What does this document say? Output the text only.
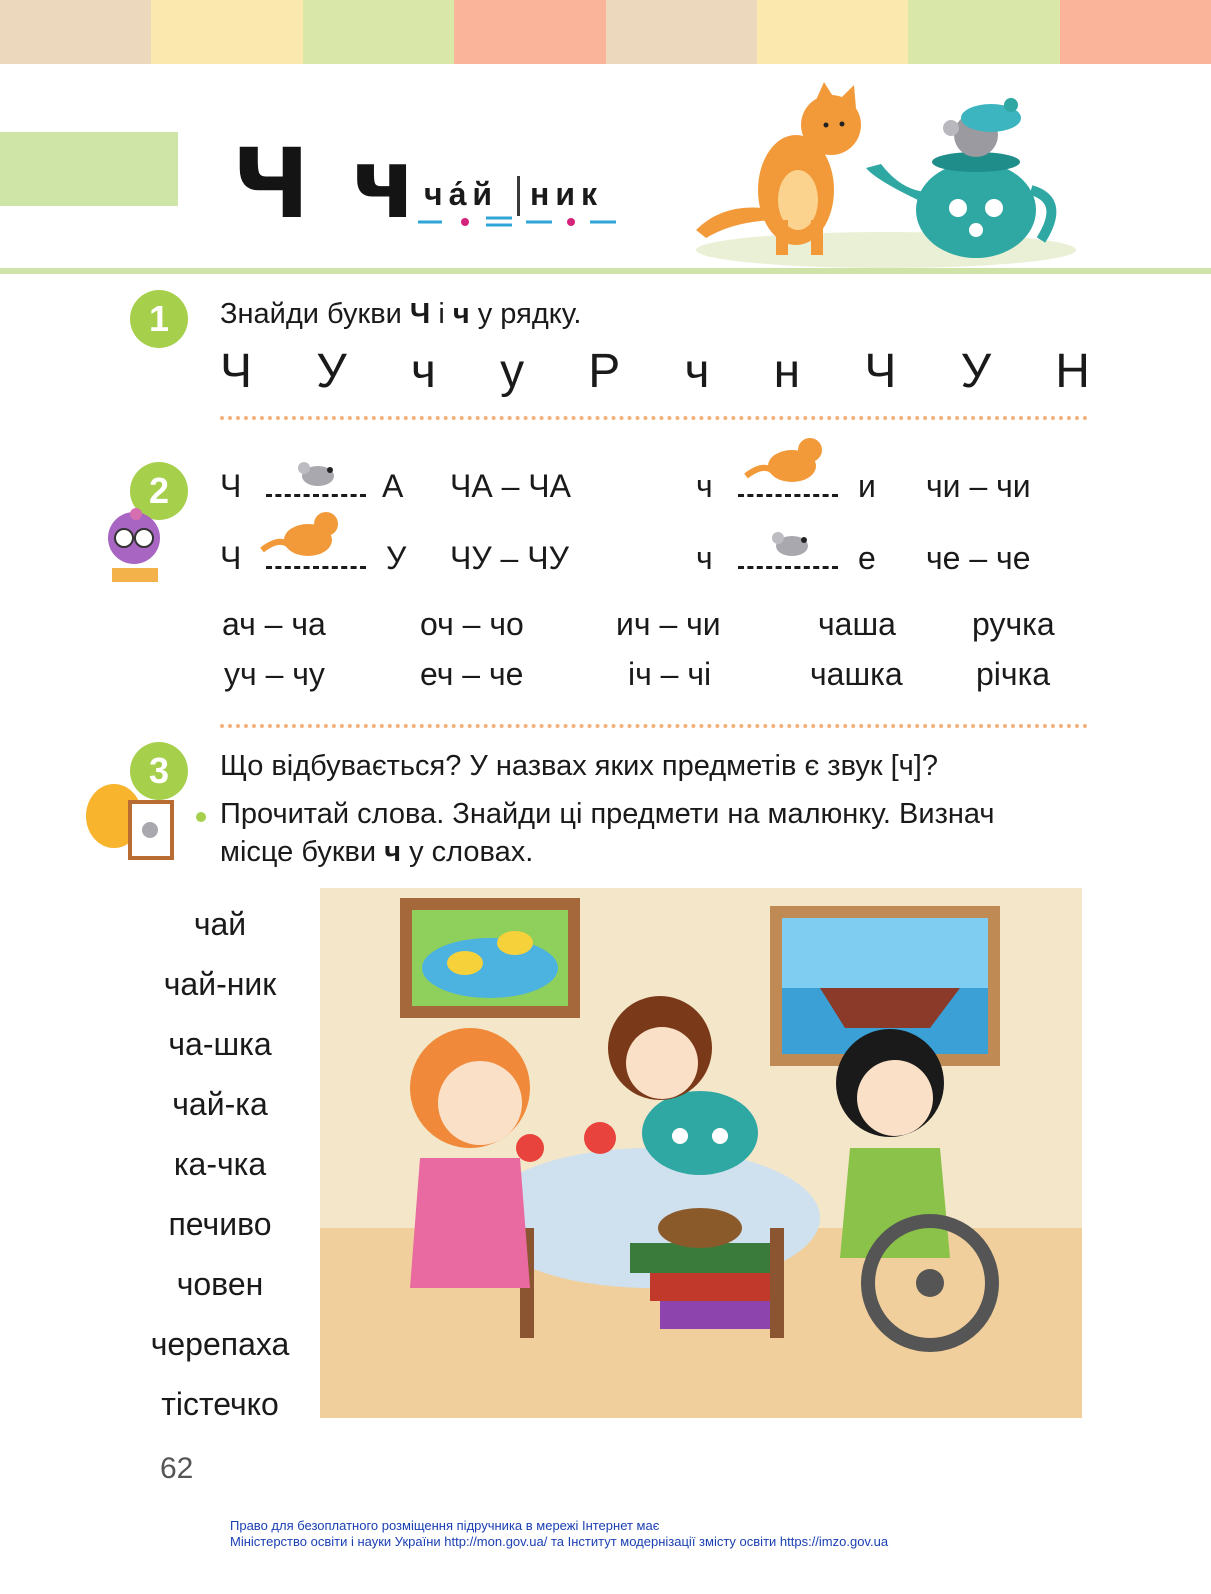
Ч ч ча́й ник
1	Знайди букви Ч і ч у рядку.
Ч У ч у Р ч н Ч У Н
2	Ч	А ЧА – ЧА	ч	и чи – чи
Ч	У ЧУ – ЧУ	ч	е че – че
ач – ча	оч – чо	ич – чи	чаша ручка
уч – чу	еч – че	іч – чі	чашка річка
3	Що відбувається? У назвах яких предметів є звук [ч]?
Прочитай слова. Знайди ці предмети на малюнку. Визнач
місце букви ч у словах.
чай
чай-ник
ча-шка
чай-ка
ка-чка
печиво
човен
черепаха
тістечко
62
Право для безоплатного розміщення підручника в мережі Інтернет має
Міністерство освіти і науки України http://mon.gov.ua/ та Інститут модернізації змісту освіти https://imzo.gov.ua
